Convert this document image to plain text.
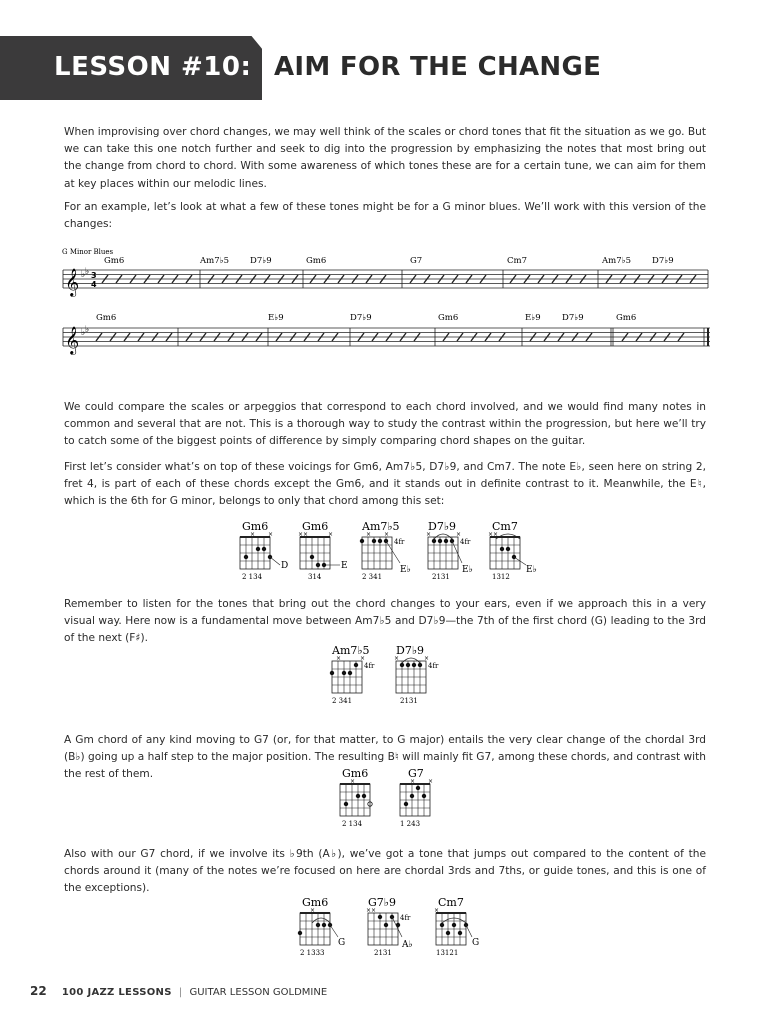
LESSON #10: AIM FOR THE CHANGE

When improvising over chord changes, we may well think of the scales or chord tones that fit the situation as we go. But we can take this one notch further and seek to dig into the progression by emphasizing the notes that most bring out the change from chord to chord. With some awareness of which tones these are for a certain tune, we can aim for them at key places within our melodic lines.

For an example, let’s look at what a few of these tones might be for a G minor blues. We’ll work with this version of the changes:

G Minor Blues
𝄞 ♭ ♭ 3
4
Gm6	Am7♭5 D7♭9	Gm6	G7	Cm7	Am7♭5 D7♭9
𝄞 ♭ ♭
Gm6	E♭9	D7♭9	Gm6	E♭9	D7♭9	Gm6

We could compare the scales or arpeggios that correspond to each chord involved, and we would find many notes in common and several that are not. This is a thorough way to study the contrast within the progression, but here we’ll try to catch some of the biggest points of difference by simply comparing chord shapes on the guitar.

First let’s consider what’s on top of these voicings for Gm6, Am7♭5, D7♭9, and Cm7. The note E♭, seen here on string 2, fret 4, is part of each of these chords except the Gm6, and it stands out in definite contrast to it. Meanwhile, the E♮, which is the 6th for G minor, belongs to only that chord among this set:

Gm6
× ×
D
2 134
Gm6
××	×
E
314
Am7♭5
× ×
4fr
E♭
2 341
D7♭9
×	×
4fr
E♭
2131
Cm7
××
E♭
1312

Remember to listen for the tones that bring out the chord changes to your ears, even if we approach this in a very visual way. Here now is a fundamental move between Am7♭5 and D7♭9—the 7th of the first chord (G) leading to the 3rd of the next (F♯).

Am7♭5
×	×
4fr
2 341
D7♭9
×	×
4fr
2131

A Gm chord of any kind moving to G7 (or, for that matter, to G major) entails the very clear change of the chordal 3rd (B♭) going up a half step to the major position. The resulting B♮ will mainly fit G7, among these chords, and contrast with the rest of them.	Gm6
×
2 134
G7
× ×
1 243

Also with our G7 chord, if we involve its ♭9th (A♭), we’ve got a tone that jumps out compared to the content of the chords around it (many of the notes we’re focused on here are chordal 3rds and 7ths, or guide tones, and this is one of the exceptions).

Gm6
×
G
2 1333
G7♭9
××
4fr
A♭
2131
Cm7
×
G
13121
22 100 JAZZ LESSONS | GUITAR LESSON GOLDMINE
